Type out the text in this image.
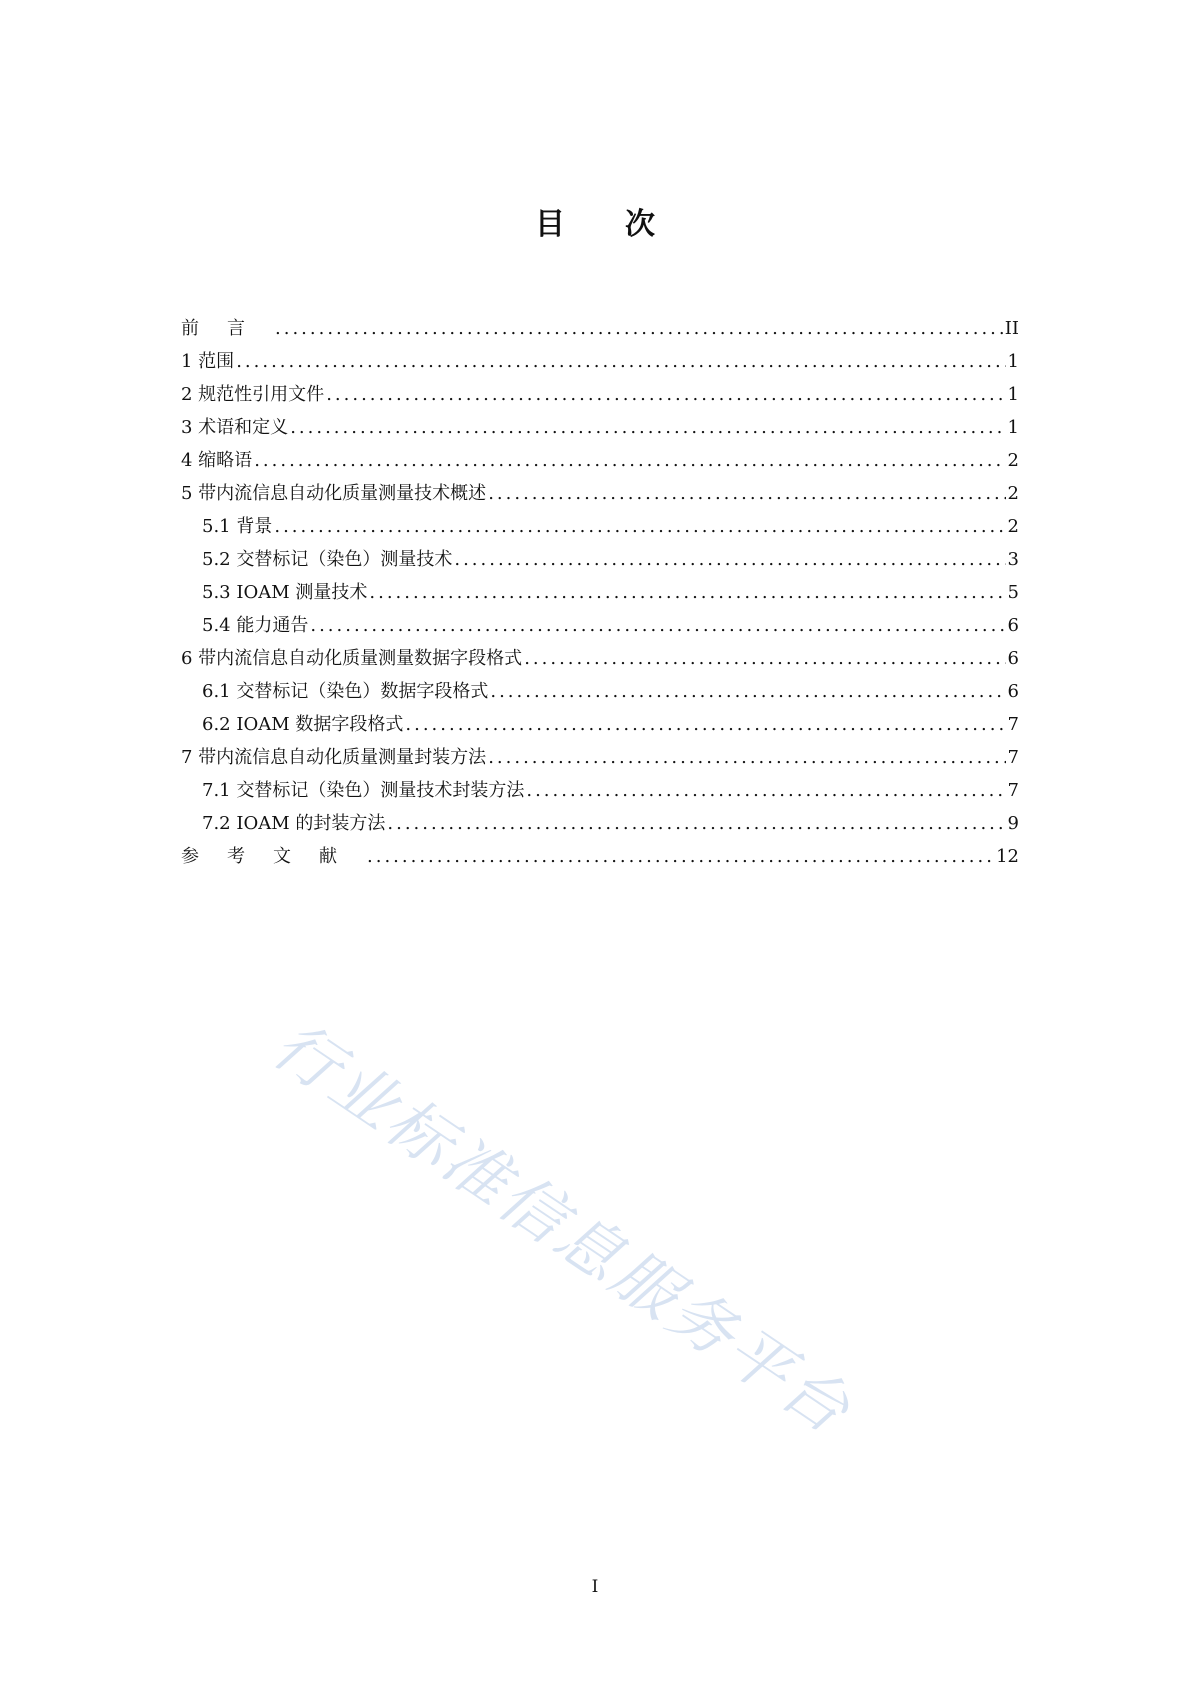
目次
前言 .....	II
1 范围 .....	1
2 规范性引用文件 .....	1
3 术语和定义 .....	1
4 缩略语 .....	2
5 带内流信息自动化质量测量技术概述 .....	2
5.1 背景 .....	2
5.2 交替标记（染色）测量技术 .....	3
5.3 IOAM 测量技术 .....	5
5.4 能力通告 .....	6
6 带内流信息自动化质量测量数据字段格式 .....	6
6.1 交替标记（染色）数据字段格式 .....	6
6.2 IOAM 数据字段格式 .....	7
7 带内流信息自动化质量测量封装方法 .....	7
7.1 交替标记（染色）测量技术封装方法 .....	7
7.2 IOAM 的封装方法 .....	9
参考文献 .....	12
行业标准信息服务平台
I
